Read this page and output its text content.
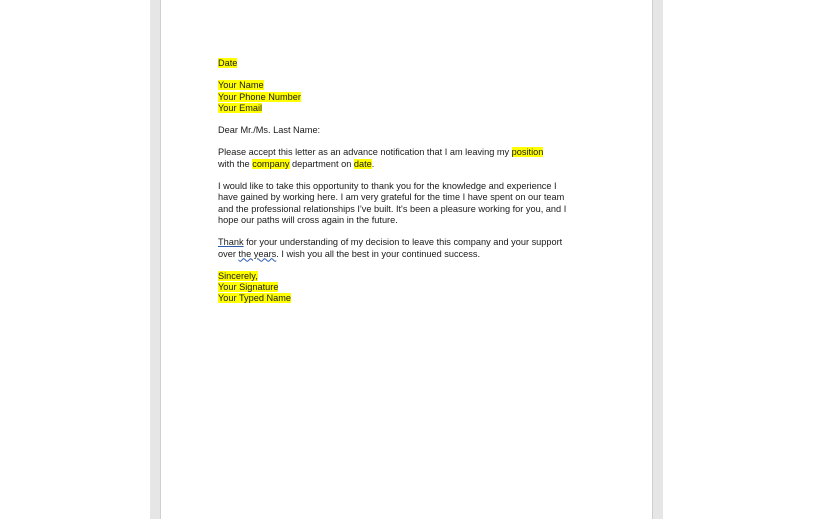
Date
Your Name
Your Phone Number
Your Email
Dear Mr./Ms. Last Name:
Please accept this letter as an advance notification that I am leaving my position
with the company department on date.
I would like to take this opportunity to thank you for the knowledge and experience I
have gained by working here. I am very grateful for the time I have spent on our team
and the professional relationships I've built. It's been a pleasure working for you, and I
hope our paths will cross again in the future.
Thank for your understanding of my decision to leave this company and your support
over the years. I wish you all the best in your continued success.
Sincerely,
Your Signature
Your Typed Name
